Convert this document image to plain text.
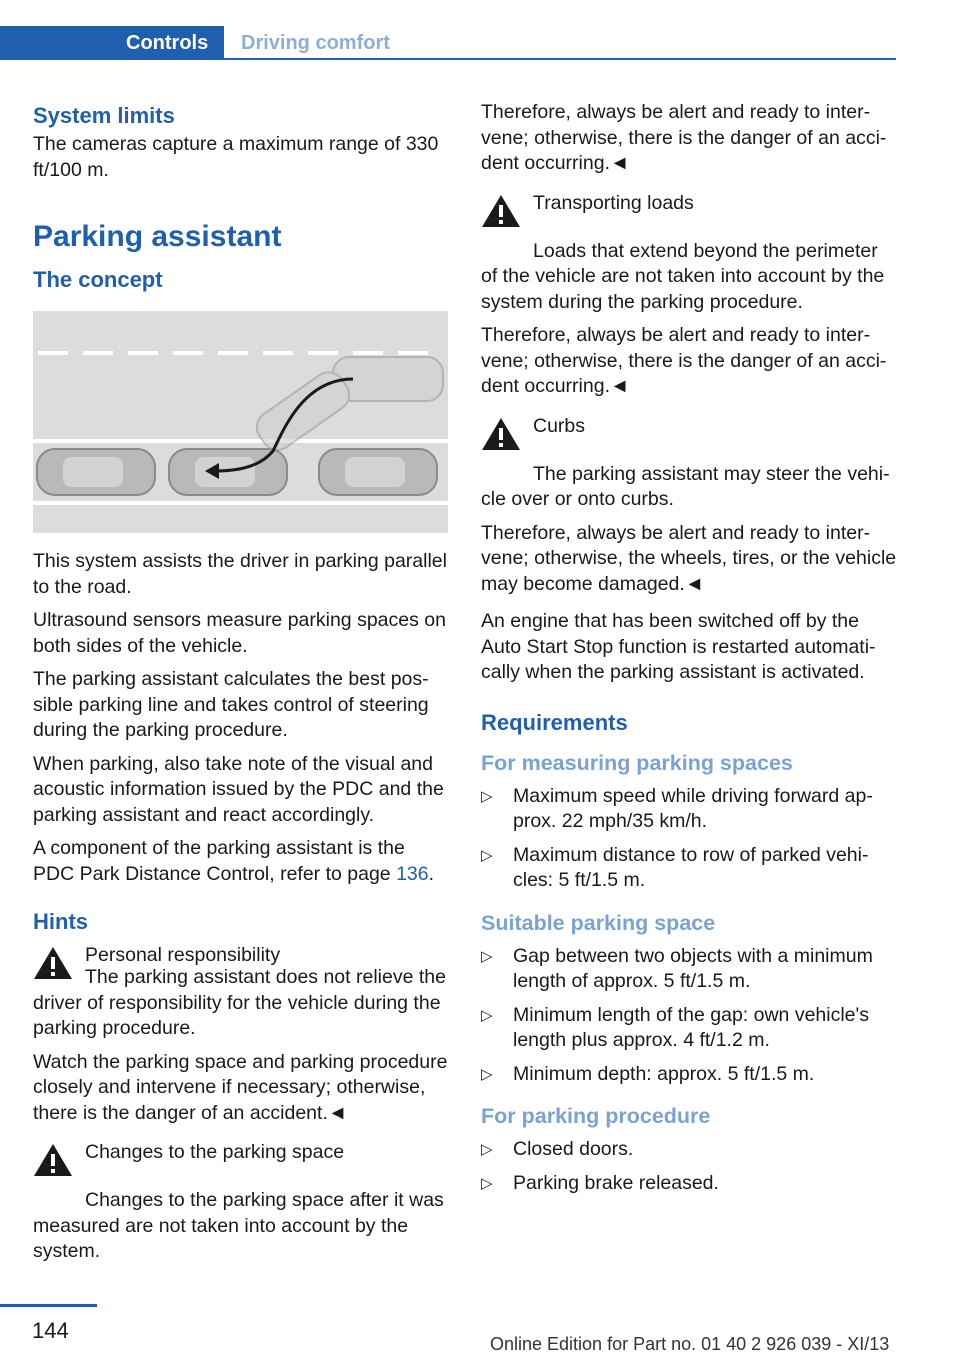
Controls Driving comfort
System limits

The cameras capture a maximum range of 330 ft/100 m.

Parking assistant
The concept

This system assists the driver in parking parallel to the road.

Ultrasound sensors measure parking spaces on both sides of the vehicle.

The parking assistant calculates the best possible parking line and takes control of steering during the parking procedure.

When parking, also take note of the visual and acoustic information issued by the PDC and the parking assistant and react accordingly.

A component of the parking assistant is the PDC Park Distance Control, refer to page 136.

Hints

Personal responsibility

The parking assistant does not relieve the driver of responsibility for the vehicle during the parking procedure.

Watch the parking space and parking procedure closely and intervene if necessary; otherwise, there is the danger of an accident.◄

Changes to the parking space

Changes to the parking space after it was measured are not taken into account by the system.

Therefore, always be alert and ready to intervene; otherwise, there is the danger of an accident occurring.◄

Transporting loads

Loads that extend beyond the perimeter of the vehicle are not taken into account by the system during the parking procedure.

Therefore, always be alert and ready to intervene; otherwise, there is the danger of an accident occurring.◄

Curbs

The parking assistant may steer the vehicle over or onto curbs.

Therefore, always be alert and ready to intervene; otherwise, the wheels, tires, or the vehicle may become damaged.◄

An engine that has been switched off by the Auto Start Stop function is restarted automatically when the parking assistant is activated.

Requirements
For measuring parking spaces
▷ Maximum speed while driving forward approx. 22 mph/35 km/h.
▷ Maximum distance to row of parked vehicles: 5 ft/1.5 m.
Suitable parking space
▷ Gap between two objects with a minimum length of approx. 5 ft/1.5 m.
▷ Minimum length of the gap: own vehicle's length plus approx. 4 ft/1.2 m.
▷ Minimum depth: approx. 5 ft/1.5 m.
For parking procedure
▷ Closed doors.
▷ Parking brake released.
144
Online Edition for Part no. 01 40 2 926 039 - XI/13
